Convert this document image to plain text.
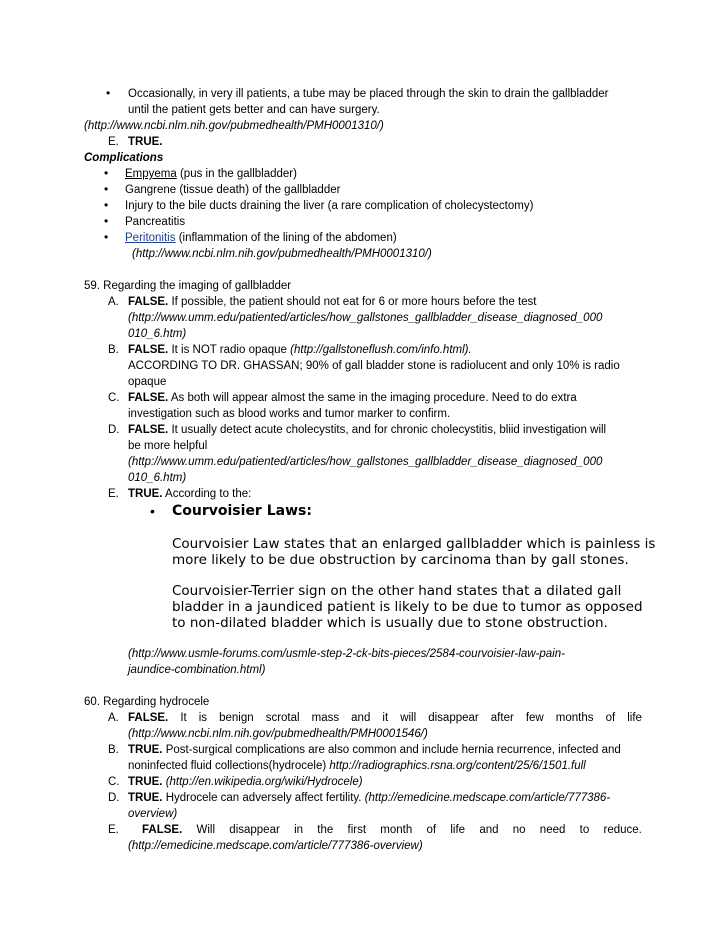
• Occasionally, in very ill patients, a tube may be placed through the skin to drain the gallbladder
until the patient gets better and can have surgery.
(http://www.ncbi.nlm.nih.gov/pubmedhealth/PMH0001310/)
E. TRUE.
Complications
• Empyema (pus in the gallbladder)
• Gangrene (tissue death) of the gallbladder
• Injury to the bile ducts draining the liver (a rare complication of cholecystectomy)
• Pancreatitis
• Peritonitis (inflammation of the lining of the abdomen)
(http://www.ncbi.nlm.nih.gov/pubmedhealth/PMH0001310/)
59. Regarding the imaging of gallbladder
A. FALSE. If possible, the patient should not eat for 6 or more hours before the test
(http://www.umm.edu/patiented/articles/how_gallstones_gallbladder_disease_diagnosed_000
010_6.htm)
B. FALSE. It is NOT radio opaque (http://gallstoneflush.com/info.html).
ACCORDING TO DR. GHASSAN; 90% of gall bladder stone is radiolucent and only 10% is radio
opaque
C. FALSE. As both will appear almost the same in the imaging procedure. Need to do extra
investigation such as blood works and tumor marker to confirm.
D. FALSE. It usually detect acute cholecystits, and for chronic cholecystitis, bliid investigation will
be more helpful
(http://www.umm.edu/patiented/articles/how_gallstones_gallbladder_disease_diagnosed_000
010_6.htm)
E. TRUE. According to the:
• Courvoisier Laws:
Courvoisier Law states that an enlarged gallbladder which is painless is
more likely to be due obstruction by carcinoma than by gall stones.
Courvoisier-Terrier sign on the other hand states that a dilated gall
bladder in a jaundiced patient is likely to be due to tumor as opposed
to non-dilated bladder which is usually due to stone obstruction.
(http://www.usmle-forums.com/usmle-step-2-ck-bits-pieces/2584-courvoisier-law-pain-
jaundice-combination.html)
60. Regarding hydrocele
A. FALSE. It is benign scrotal mass and it will disappear after few months of life
(http://www.ncbi.nlm.nih.gov/pubmedhealth/PMH0001546/)
B. TRUE. Post-surgical complications are also common and include hernia recurrence, infected and
noninfected fluid collections(hydrocele) http://radiographics.rsna.org/content/25/6/1501.full
C. TRUE. (http://en.wikipedia.org/wiki/Hydrocele)
D. TRUE. Hydrocele can adversely affect fertility. (http://emedicine.medscape.com/article/777386-
overview)
E. FALSE. Will disappear in the first month of life and no need to reduce.
(http://emedicine.medscape.com/article/777386-overview)
